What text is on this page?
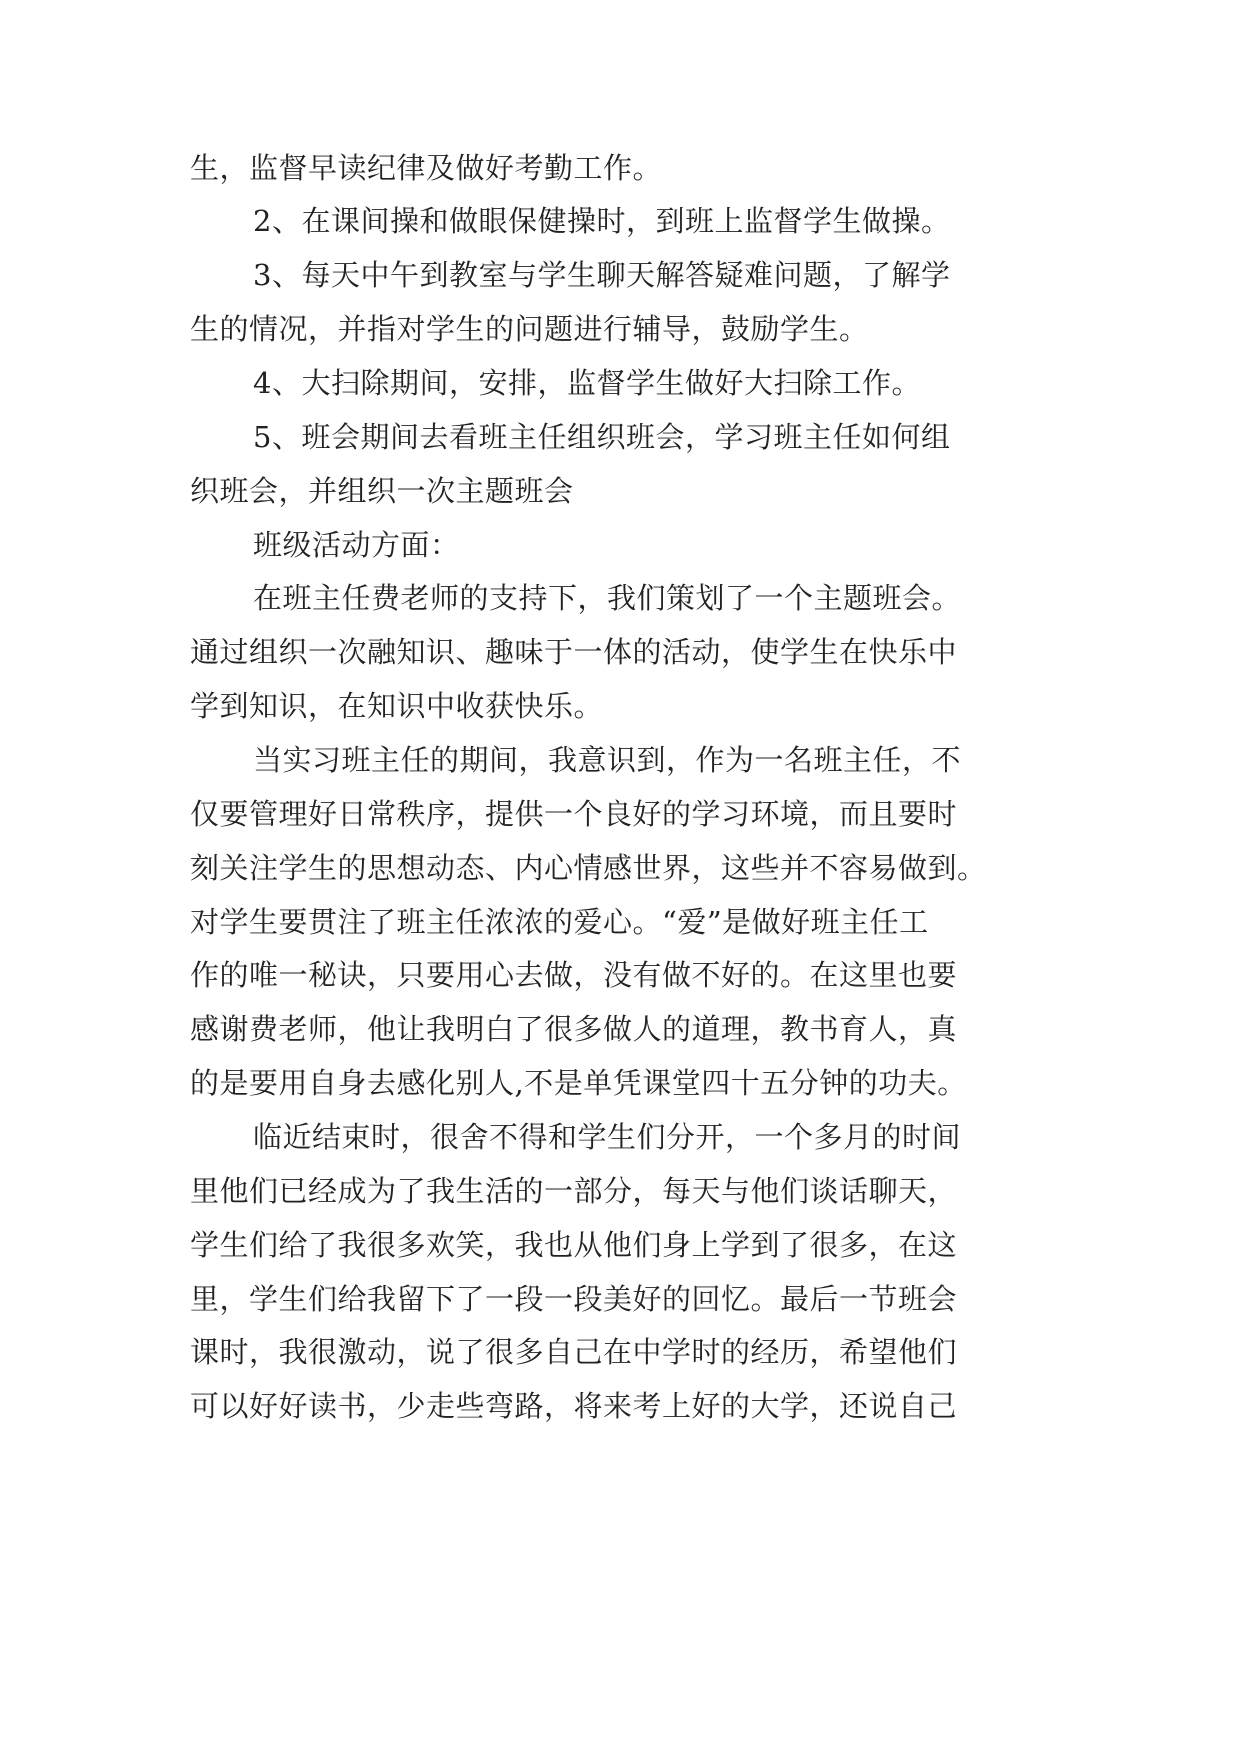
生，监督早读纪律及做好考勤工作。
2、在课间操和做眼保健操时，到班上监督学生做操。
3、每天中午到教室与学生聊天解答疑难问题，了解学
生的情况，并指对学生的问题进行辅导，鼓励学生。
4、大扫除期间，安排，监督学生做好大扫除工作。
5、班会期间去看班主任组织班会，学习班主任如何组
织班会，并组织一次主题班会
班级活动方面：
在班主任费老师的支持下，我们策划了一个主题班会。
通过组织一次融知识、趣味于一体的活动，使学生在快乐中
学到知识，在知识中收获快乐。
当实习班主任的期间，我意识到，作为一名班主任，不
仅要管理好日常秩序，提供一个良好的学习环境，而且要时
刻关注学生的思想动态、内心情感世界，这些并不容易做到。
对学生要贯注了班主任浓浓的爱心。“爱”是做好班主任工
作的唯一秘诀，只要用心去做，没有做不好的。在这里也要
感谢费老师，他让我明白了很多做人的道理，教书育人，真
的是要用自身去感化别人,不是单凭课堂四十五分钟的功夫。
临近结束时，很舍不得和学生们分开，一个多月的时间
里他们已经成为了我生活的一部分，每天与他们谈话聊天，
学生们给了我很多欢笑，我也从他们身上学到了很多，在这
里，学生们给我留下了一段一段美好的回忆。最后一节班会
课时，我很激动，说了很多自己在中学时的经历，希望他们
可以好好读书，少走些弯路，将来考上好的大学，还说自己
